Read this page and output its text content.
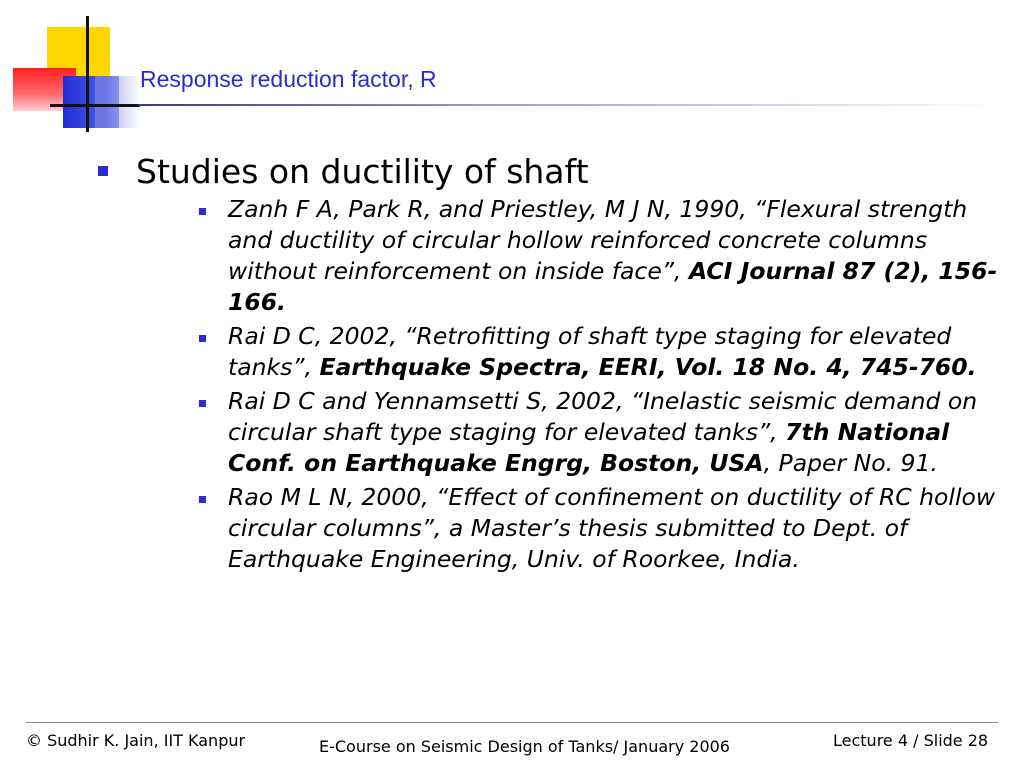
Response reduction factor, R
Studies on ductility of shaft
Zanh F A, Park R, and Priestley, M J N, 1990, “Flexural strength and ductility of circular hollow reinforced concrete columns without reinforcement on inside face”, ACI Journal 87 (2), 156-166.
Rai D C, 2002, “Retrofitting of shaft type staging for elevated tanks”, Earthquake Spectra, EERI, Vol. 18 No. 4, 745-760.
Rai D C and Yennamsetti S, 2002, “Inelastic seismic demand on circular shaft type staging for elevated tanks”, 7th National Conf. on Earthquake Engrg, Boston, USA, Paper No. 91.
Rao M L N, 2000, “Effect of confinement on ductility of RC hollow circular columns”, a Master’s thesis submitted to Dept. of Earthquake Engineering, Univ. of Roorkee, India.
© Sudhir K. Jain, IIT Kanpur	E-Course on Seismic Design of Tanks/ January 2006	Lecture 4 / Slide 28
